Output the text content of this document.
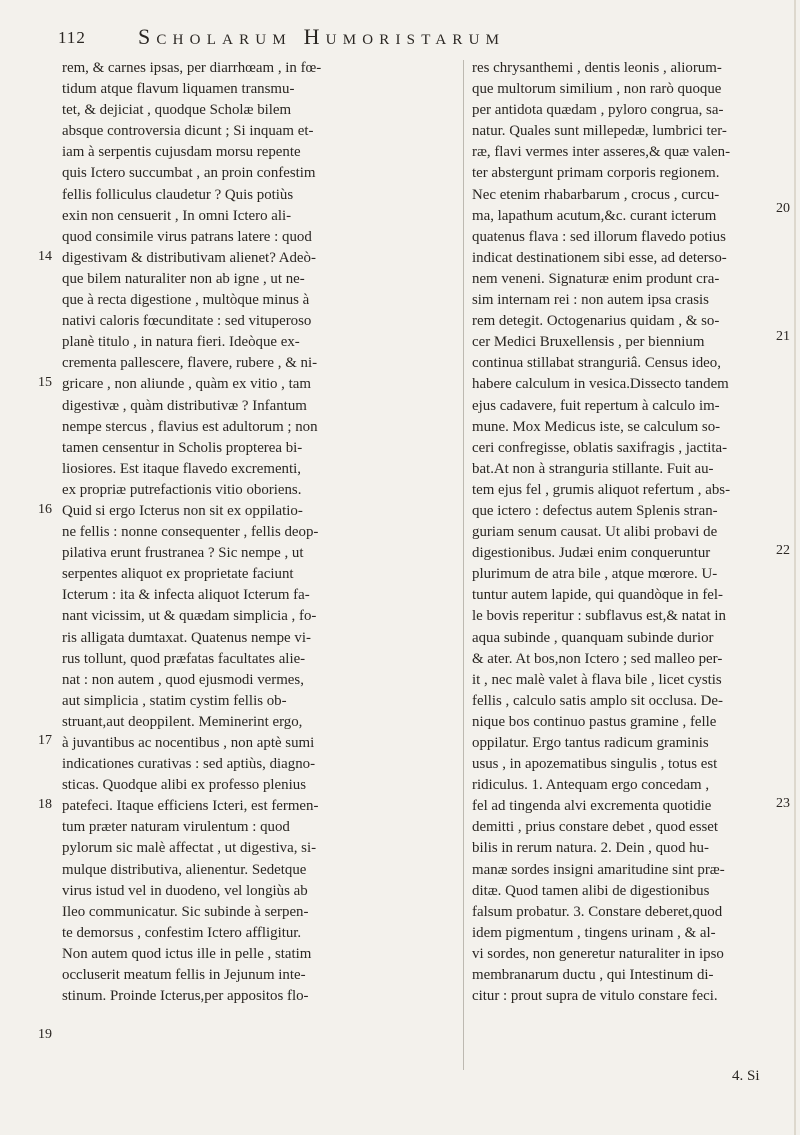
112 Scholarum Humoristarum
rem, & carnes ipsas, per diarrhœam , in fœ-
tidum atque flavum liquamen transmu-
tet, & dejiciat , quodque Scholæ bilem
absque controversia dicunt ; Si inquam et-
iam à serpentis cujusdam morsu repente
quis Ictero succumbat , an proin confestim
fellis folliculus claudetur ? Quis potiùs
exin non censuerit , In omni Ictero ali-
quod consimile virus patrans latere : quod
digestivam & distributivam alienet? Adeò-
que bilem naturaliter non ab igne , ut ne-
que à recta digestione , multòque minus à
nativi caloris fœcunditate : sed vituperoso
planè titulo , in natura fieri. Ideòque ex-
crementa pallescere, flavere, rubere , & ni-
gricare , non aliunde , quàm ex vitio , tam
digestivæ , quàm distributivæ ? Infantum
nempe stercus , flavius est adultorum ; non
tamen censentur in Scholis propterea bi-
liosiores. Est itaque flavedo excrementi,
ex propriæ putrefactionis vitio oboriens.
Quid si ergo Icterus non sit ex oppilatio-
ne fellis : nonne consequenter , fellis deop-
pilativa erunt frustranea ? Sic nempe , ut
serpentes aliquot ex proprietate faciunt
Icterum : ita & infecta aliquot Icterum fa-
nant vicissim, ut & quædam simplicia , fo-
ris alligata dumtaxat. Quatenus nempe vi-
rus tollunt, quod præfatas facultates alie-
nat : non autem , quod ejusmodi vermes,
aut simplicia , statim cystim fellis ob-
struant,aut deoppilent. Meminerint ergo,
à juvantibus ac nocentibus , non aptè sumi
indicationes curativas : sed aptiùs, diagno-
sticas. Quodque alibi ex professo plenius
patefeci. Itaque efficiens Icteri, est fermen-
tum præter naturam virulentum : quod
pylorum sic malè affectat , ut digestiva, si-
mulque distributiva, alienentur. Sedetque
virus istud vel in duodeno, vel longiùs ab
Ileo communicatur. Sic subinde à serpen-
te demorsus , confestim Ictero affligitur.
Non autem quod ictus ille in pelle , statim
occluserit meatum fellis in Jejunum inte-
stinum. Proinde Icterus,per appositos flo-
res chrysanthemi , dentis leonis , aliorum-
que multorum similium , non rarò quoque
per antidota quædam , pyloro congrua, sa-
natur. Quales sunt millepedæ, lumbrici ter-
ræ, flavi vermes inter asseres,& quæ valen-
ter abstergunt primam corporis regionem.
Nec etenim rhabarbarum , crocus , curcu-
ma, lapathum acutum,&c. curant icterum
quatenus flava : sed illorum flavedo potius
indicat destinationem sibi esse, ad deterso-
nem veneni. Signaturæ enim produnt cra-
sim internam rei : non autem ipsa crasis
rem detegit. Octogenarius quidam , & so-
cer Medici Bruxellensis , per biennium
continua stillabat stranguriâ. Census ideo,
habere calculum in vesica.Dissecto tandem
ejus cadavere, fuit repertum à calculo im-
mune. Mox Medicus iste, se calculum so-
ceri confregisse, oblatis saxifragis , jactita-
bat.At non à stranguria stillante. Fuit au-
tem ejus fel , grumis aliquot refertum , abs-
que ictero : defectus autem Splenis stran-
guriam senum causat. Ut alibi probavi de
digestionibus. Judæi enim conqueruntur
plurimum de atra bile , atque mœrore. U-
tuntur autem lapide, qui quandòque in fel-
le bovis reperitur : subflavus est,& natat in
aqua subinde , quanquam subinde durior
& ater. At bos,non Ictero ; sed malleo per-
it , nec malè valet à flava bile , licet cystis
fellis , calculo satis amplo sit occlusa. De-
nique bos continuo pastus gramine , felle
oppilatur. Ergo tantus radicum graminis
usus , in apozematibus singulis , totus est
ridiculus. 1. Antequam ergo concedam ,
fel ad tingenda alvi excrementa quotidie
demitti , prius constare debet , quod esset
bilis in rerum natura. 2. Dein , quod hu-
manæ sordes insigni amaritudine sint præ-
ditæ. Quod tamen alibi de digestionibus
falsum probatur. 3. Constare deberet,quod
idem pigmentum , tingens urinam , & al-
vi sordes, non generetur naturaliter in ipso
membranarum ductu , qui Intestinum di-
citur : prout supra de vitulo constare feci.
14
15
16
17
18
19
20
21
22
23
4. Si
